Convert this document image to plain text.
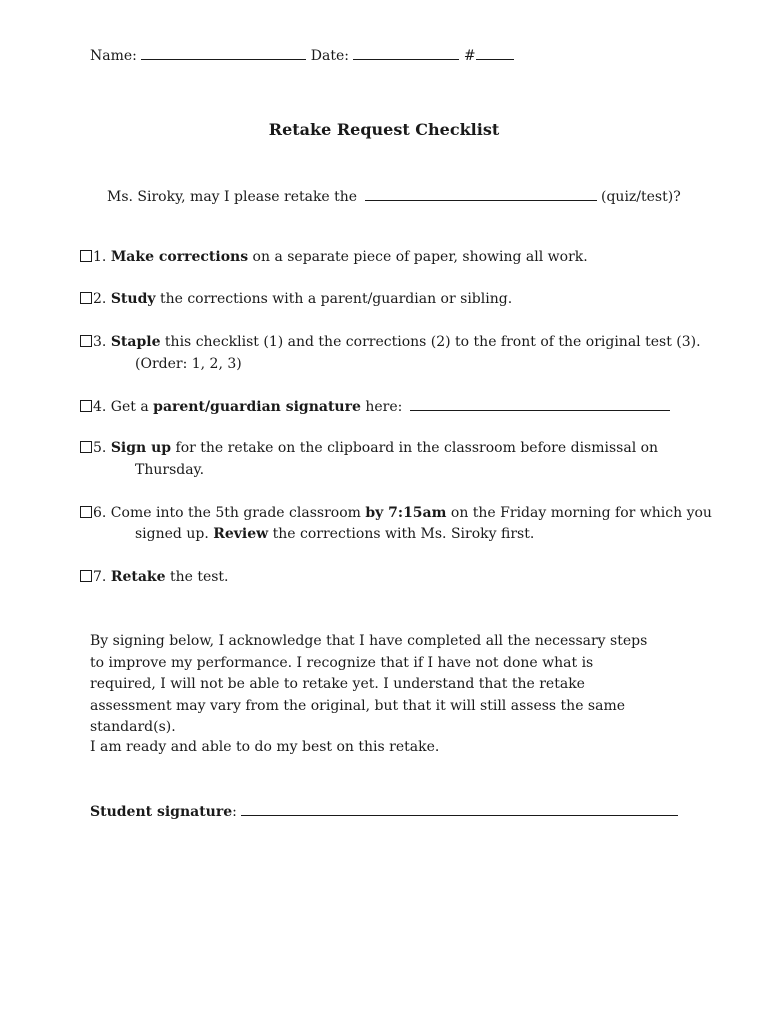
Name:	Date:	#
Retake Request Checklist
Ms. Siroky, may I please retake the	(quiz/test)?
1. Make corrections on a separate piece of paper, showing all work.
2. Study the corrections with a parent/guardian or sibling.
3. Staple this checklist (1) and the corrections (2) to the front of the original test (3).
(Order: 1, 2, 3)
4. Get a parent/guardian signature here:
5. Sign up for the retake on the clipboard in the classroom before dismissal on
Thursday.
6. Come into the 5th grade classroom by 7:15am on the Friday morning for which you
signed up. Review the corrections with Ms. Siroky first.
7. Retake the test.
By signing below, I acknowledge that I have completed all the necessary steps to improve my performance. I recognize that if I have not done what is required, I will not be able to retake yet. I understand that the retake assessment may vary from the original, but that it will still assess the same standard(s).
I am ready and able to do my best on this retake.
Student signature:
